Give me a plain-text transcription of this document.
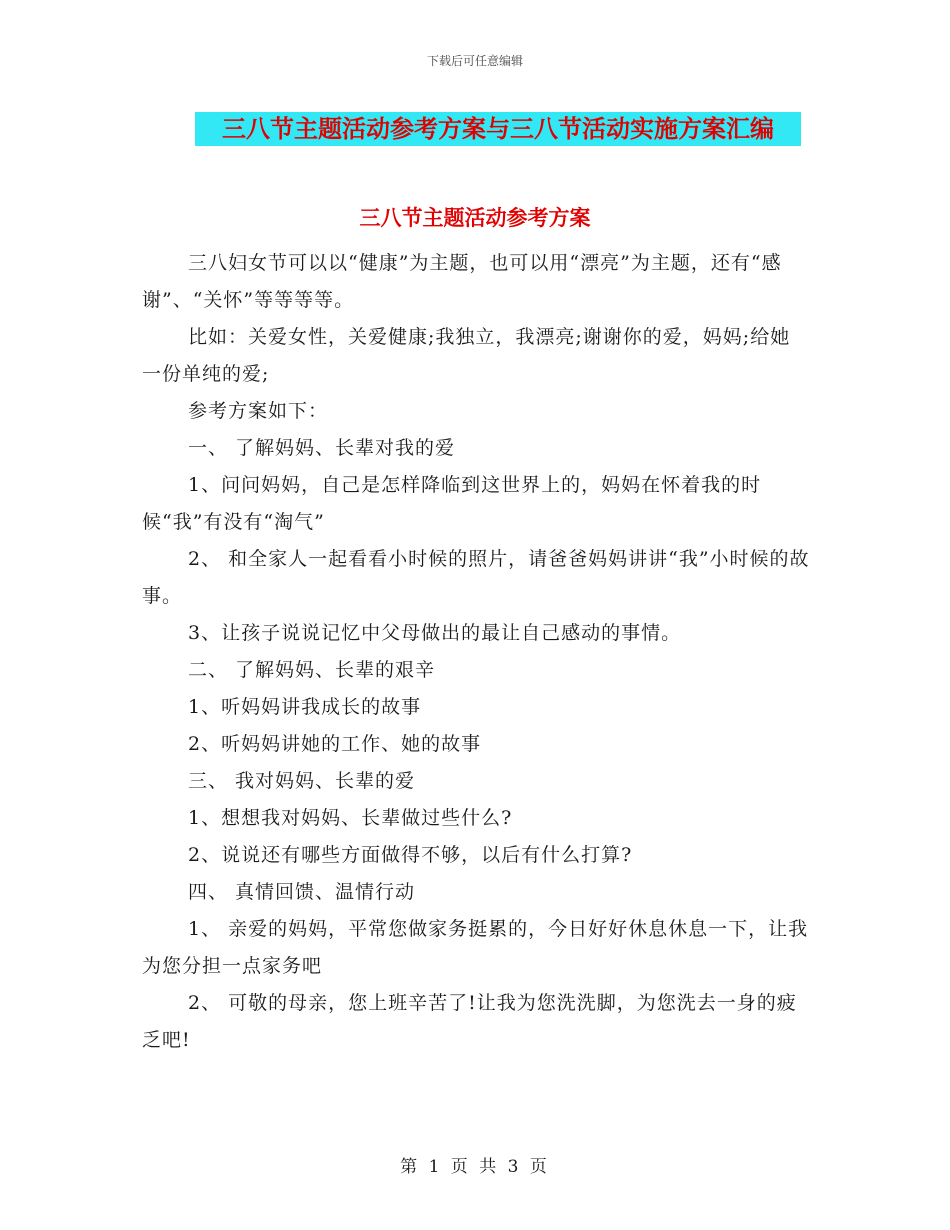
下载后可任意编辑
三八节主题活动参考方案与三八节活动实施方案汇编
三八节主题活动参考方案

三八妇女节可以以“健康”为主题，也可以用“漂亮”为主题，还有“感谢”、“关怀”等等等等。

比如：关爱女性，关爱健康;我独立，我漂亮;谢谢你的爱，妈妈;给她一份单纯的爱;

参考方案如下：

一、 了解妈妈、长辈对我的爱

1、问问妈妈，自己是怎样降临到这世界上的，妈妈在怀着我的时候“我”有没有“淘气”

2、 和全家人一起看看小时候的照片，请爸爸妈妈讲讲“我”小时候的故事。

3、让孩子说说记忆中父母做出的最让自己感动的事情。

二、 了解妈妈、长辈的艰辛

1、听妈妈讲我成长的故事

2、听妈妈讲她的工作、她的故事

三、 我对妈妈、长辈的爱

1、想想我对妈妈、长辈做过些什么?

2、说说还有哪些方面做得不够，以后有什么打算?

四、 真情回馈、温情行动

1、 亲爱的妈妈，平常您做家务挺累的，今日好好休息休息一下，让我为您分担一点家务吧

2、 可敬的母亲，您上班辛苦了!让我为您洗洗脚，为您洗去一身的疲乏吧!

第 1 页 共 3 页
